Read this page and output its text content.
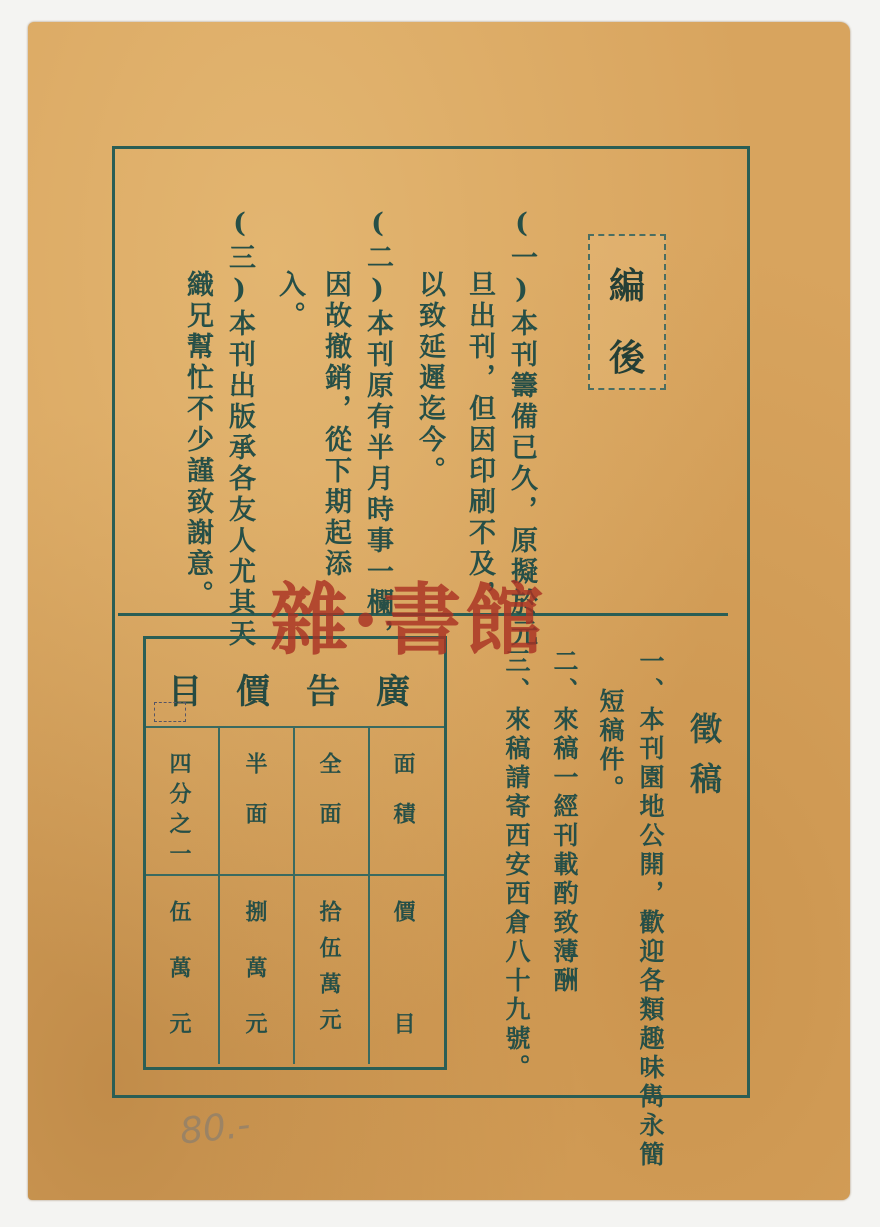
編
後
(一)本刊籌備已久，原擬於元
旦出刊，但因印刷不及，
以致延遲迄今。
(二)本刊原有半月時事一欄，
因故撤銷，從下期起添
入。
(三)本刊出版承各友人尤其天
織兄幫忙不少謹致謝意。
廣
告
價
目
面積
全面
半面
四分之一
價目
拾伍萬元
捌萬元
伍萬元
徵稿
一、本刊園地公開，歡迎各類趣味雋永簡
短稿件。
二、來稿一經刊載酌致薄酬
三、來稿請寄西安西倉八十九號。
雜·書館
80.-
